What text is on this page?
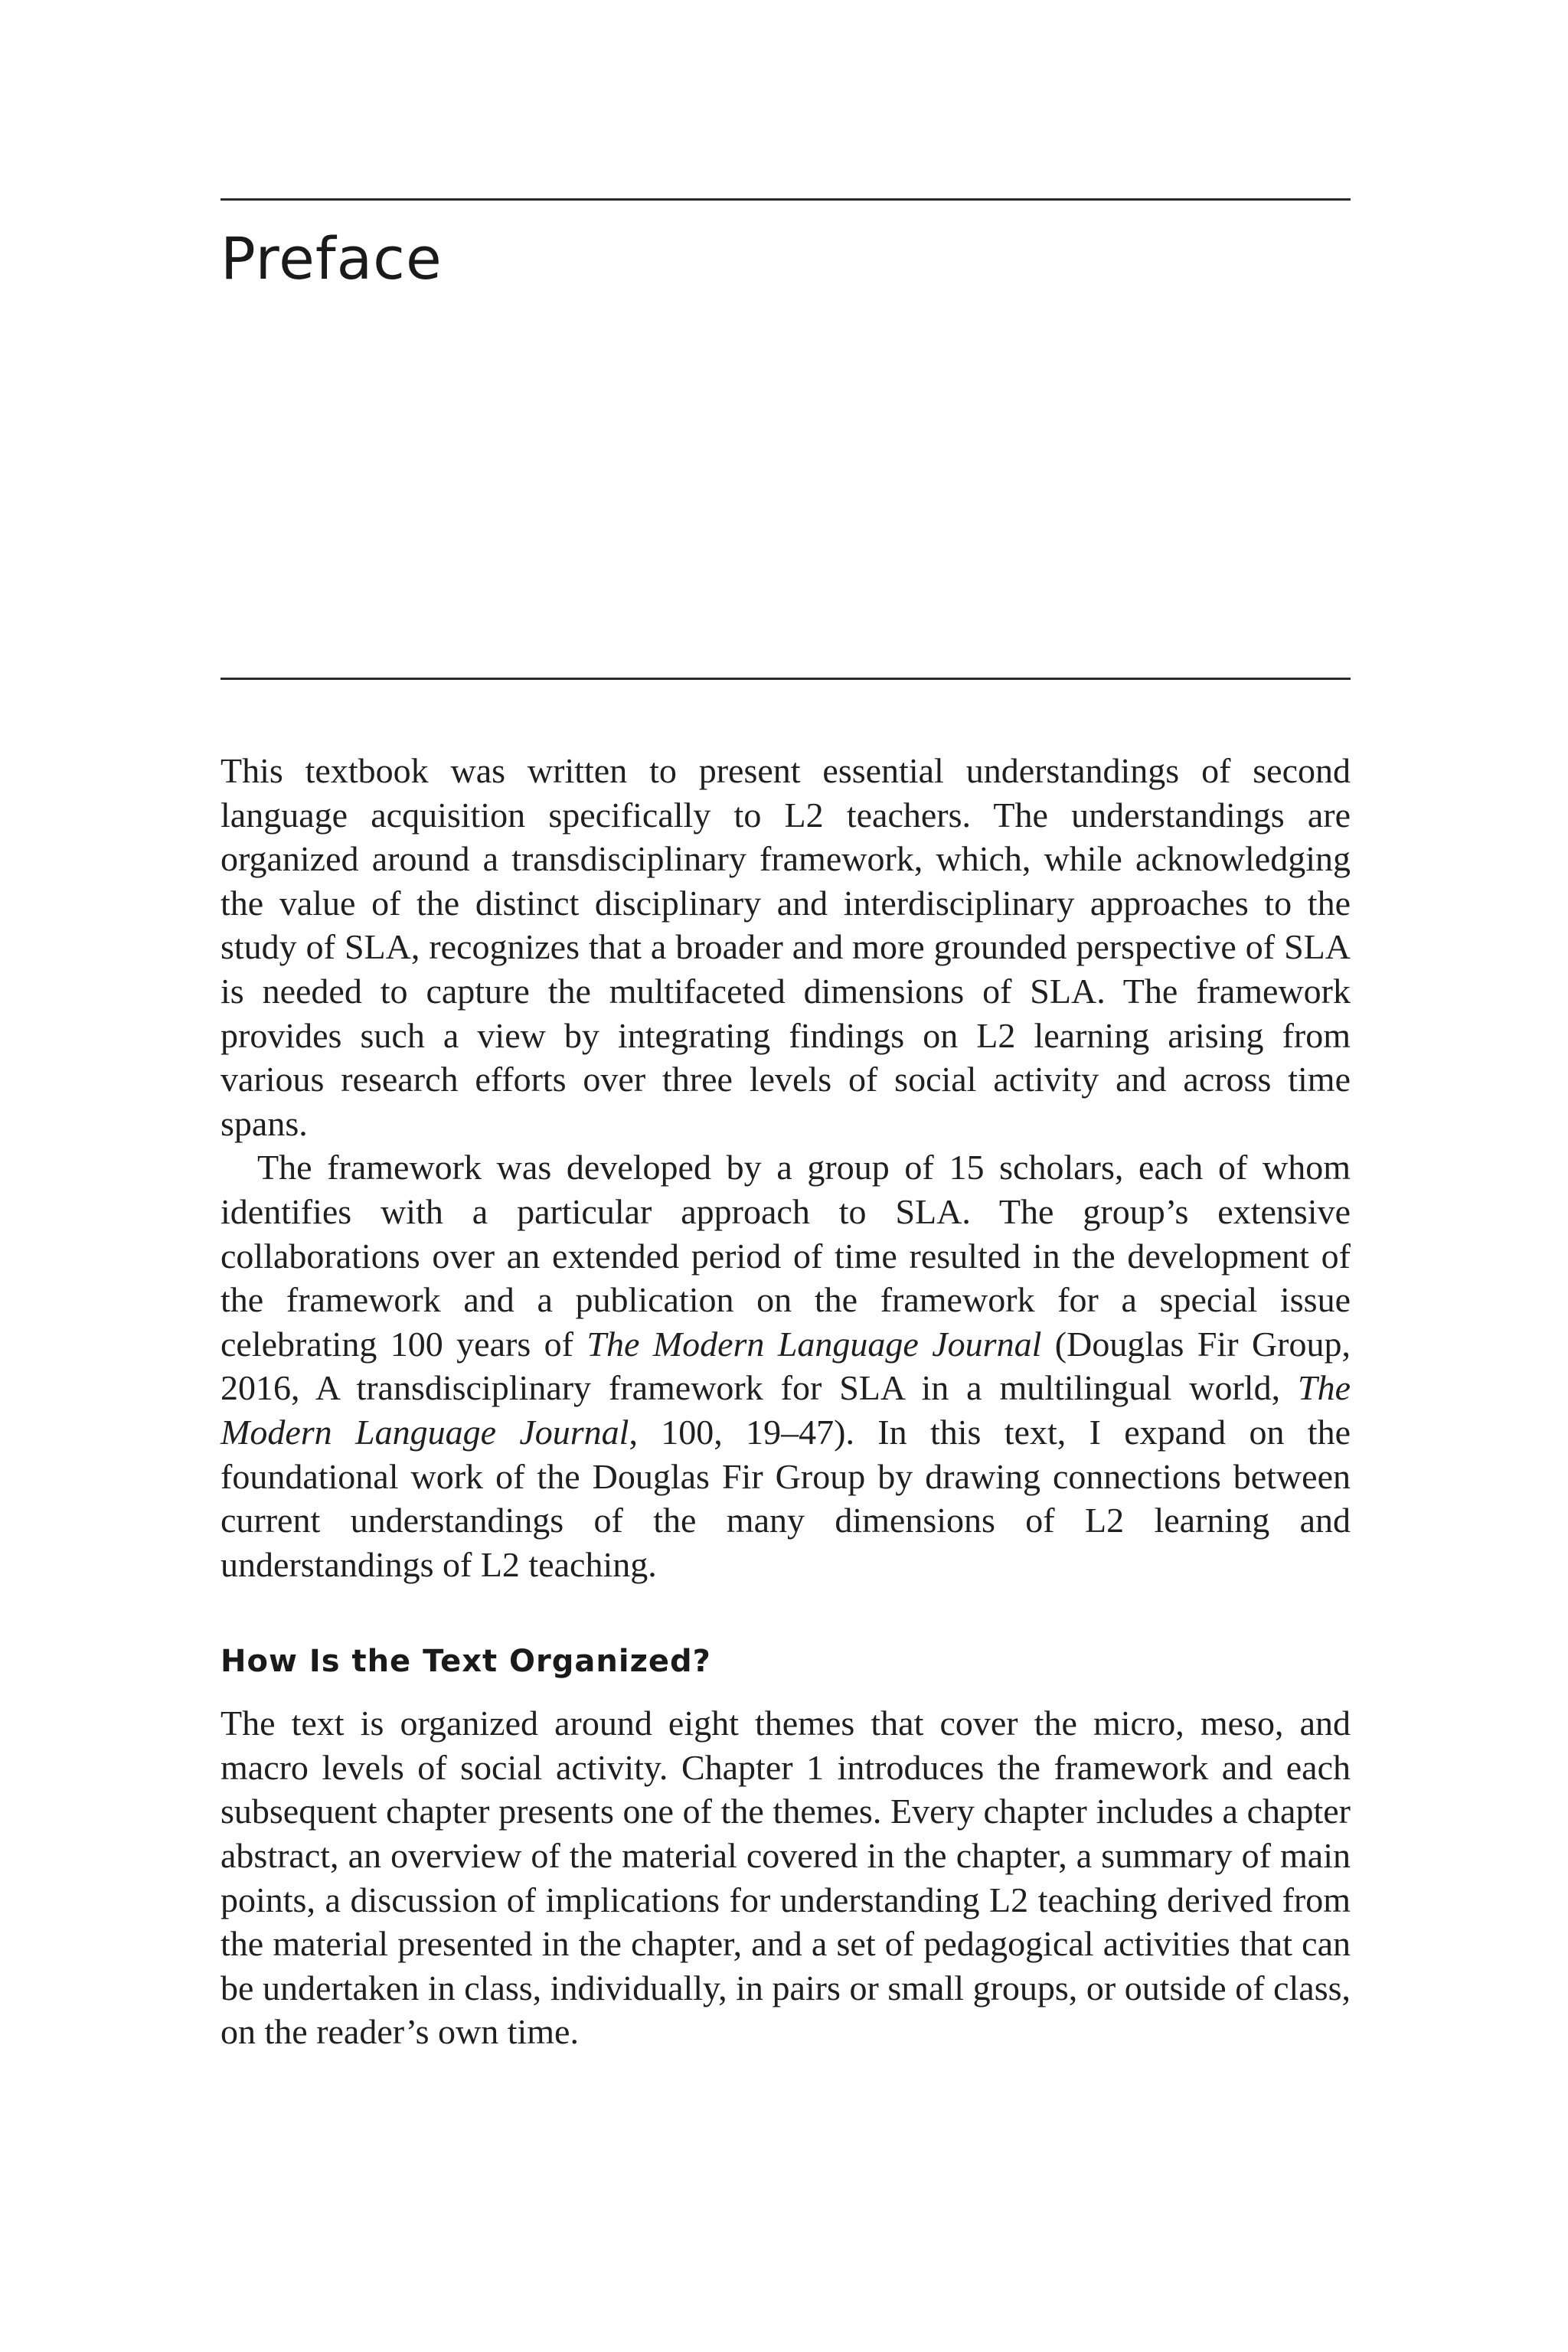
Preface

This textbook was written to present essential understandings of second language acquisition specifically to L2 teachers. The understandings are organized around a transdisciplinary framework, which, while acknowledging the value of the distinct disciplinary and interdisciplinary approaches to the study of SLA, recognizes that a broader and more grounded perspective of SLA is needed to capture the multifaceted dimensions of SLA. The framework provides such a view by integrating findings on L2 learning arising from various research efforts over three levels of social activity and across time spans.

The framework was developed by a group of 15 scholars, each of whom identifies with a particular approach to SLA. The group’s extensive collaborations over an extended period of time resulted in the development of the framework and a publication on the framework for a special issue celebrating 100 years of The Modern Language Journal (Douglas Fir Group, 2016, A transdisciplinary framework for SLA in a multilingual world, The Modern Language Journal, 100, 19–47). In this text, I expand on the foundational work of the Douglas Fir Group by drawing connections between current understandings of the many dimensions of L2 learning and understandings of L2 teaching.

How Is the Text Organized?

The text is organized around eight themes that cover the micro, meso, and macro levels of social activity. Chapter 1 introduces the framework and each subsequent chapter presents one of the themes. Every chapter includes a chapter abstract, an overview of the material covered in the chapter, a summary of main points, a discussion of implications for understanding L2 teaching derived from the material presented in the chapter, and a set of pedagogical activities that can be undertaken in class, individually, in pairs or small groups, or outside of class, on the reader’s own time.
